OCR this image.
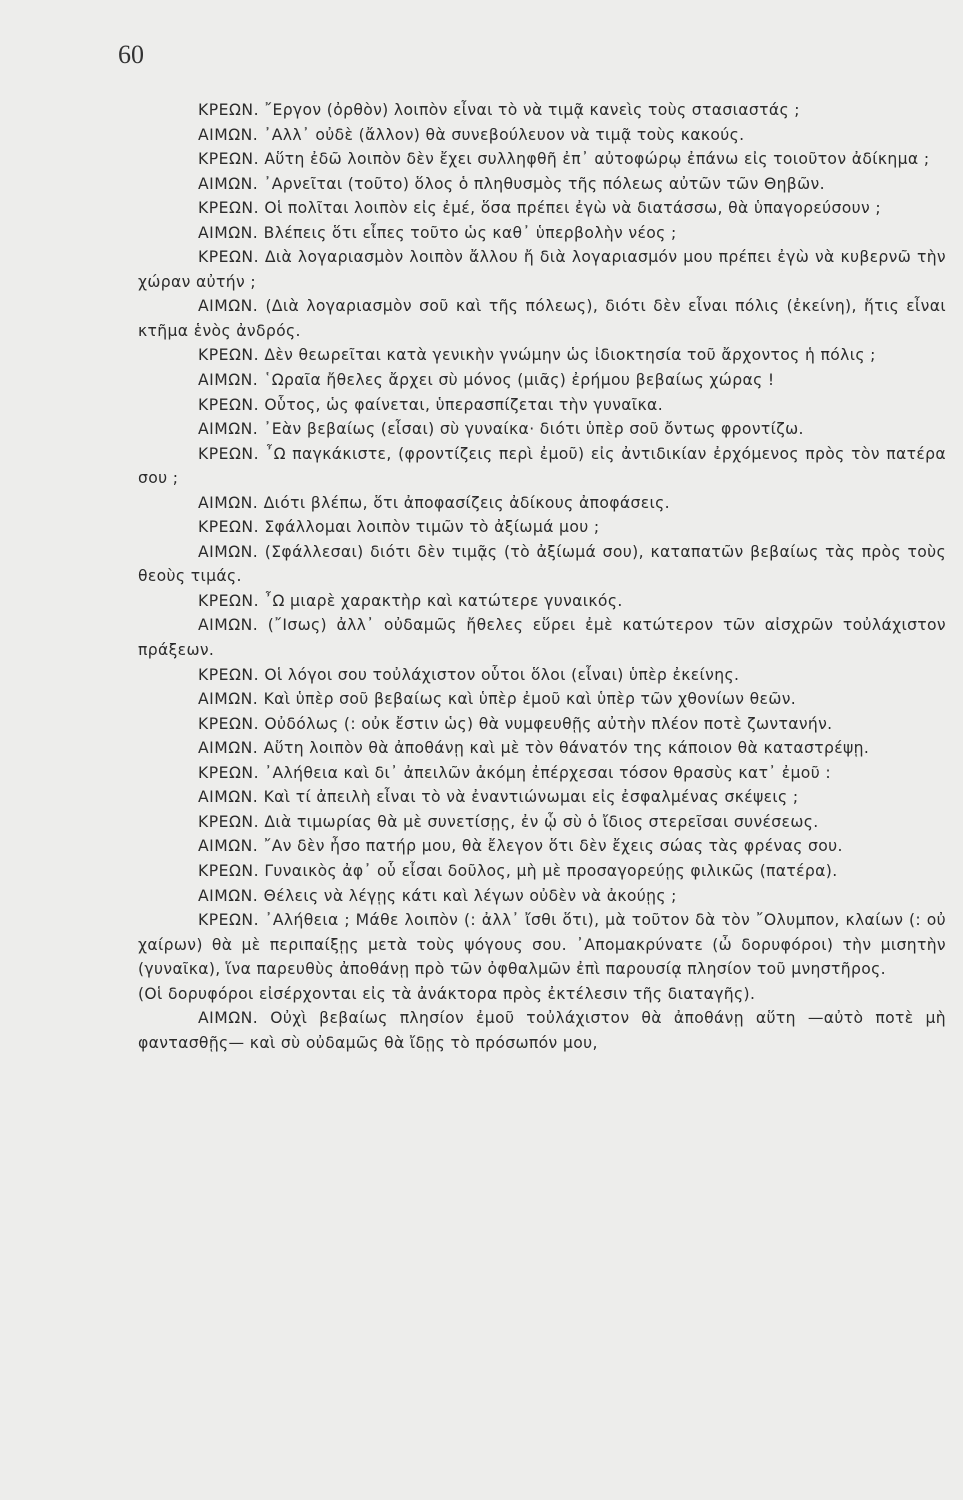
60

ΚΡΕΩΝ. ῎Εργον (ὀρθὸν) λοιπὸν εἶναι τὸ νὰ τιμᾷ κανεὶς τοὺς στασιαστάς ;

ΑΙΜΩΝ. ᾽Αλλ᾽ οὐδὲ (ἄλλον) θὰ συνεβούλευον νὰ τιμᾷ τοὺς κακούς.

ΚΡΕΩΝ. Αὕτη ἐδῶ λοιπὸν δὲν ἔχει συλληφθῆ ἐπ᾽ αὐτοφώρῳ ἐπάνω εἰς τοιοῦτον ἀδίκημα ;

ΑΙΜΩΝ. ᾽Αρνεῖται (τοῦτο) ὅλος ὁ πληθυσμὸς τῆς πόλεως αὐτῶν τῶν Θηβῶν.

ΚΡΕΩΝ. Οἱ πολῖται λοιπὸν εἰς ἐμέ, ὅσα πρέπει ἐγὼ νὰ διατάσσω, θὰ ὑπαγορεύσουν ;

ΑΙΜΩΝ. Βλέπεις ὅτι εἶπες τοῦτο ὡς καθ᾽ ὑπερβολὴν νέος ;

ΚΡΕΩΝ. Διὰ λογαριασμὸν λοιπὸν ἄλλου ἤ διὰ λογαριασμόν μου πρέπει ἐγὼ νὰ κυβερνῶ τὴν χώραν αὐτήν ;

ΑΙΜΩΝ. (Διὰ λογαριασμὸν σοῦ καὶ τῆς πόλεως), διότι δὲν εἶναι πόλις (ἐκείνη), ἥτις εἶναι κτῆμα ἑνὸς ἀνδρός.

ΚΡΕΩΝ. Δὲν θεωρεῖται κατὰ γενικὴν γνώμην ὡς ἰδιοκτησία τοῦ ἄρχοντος ἡ πόλις ;

ΑΙΜΩΝ. ῾Ωραῖα ἤθελες ἄρχει σὺ μόνος (μιᾶς) ἐρήμου βεβαίως χώρας !

ΚΡΕΩΝ. Οὗτος, ὡς φαίνεται, ὑπερασπίζεται τὴν γυναῖκα.

ΑΙΜΩΝ. ᾽Εὰν βεβαίως (εἶσαι) σὺ γυναίκα· διότι ὑπὲρ σοῦ ὄντως φροντίζω.

ΚΡΕΩΝ. ῏Ω παγκάκιστε, (φροντίζεις περὶ ἐμοῦ) εἰς ἀντιδικίαν ἐρχόμενος πρὸς τὸν πατέρα σου ;

ΑΙΜΩΝ. Διότι βλέπω, ὅτι ἀποφασίζεις ἀδίκους ἀποφάσεις.

ΚΡΕΩΝ. Σφάλλομαι λοιπὸν τιμῶν τὸ ἀξίωμά μου ;

ΑΙΜΩΝ. (Σφάλλεσαι) διότι δὲν τιμᾷς (τὸ ἀξίωμά σου), καταπατῶν βεβαίως τὰς πρὸς τοὺς θεοὺς τιμάς.

ΚΡΕΩΝ. ῏Ω μιαρὲ χαρακτὴρ καὶ κατώτερε γυναικός.

ΑΙΜΩΝ. (῎Ισως) ἀλλ᾽ οὐδαμῶς ἤθελες εὕρει ἐμὲ κατώτερον τῶν αἰσχρῶν τοὐλάχιστον πράξεων.

ΚΡΕΩΝ. Οἱ λόγοι σου τοὐλάχιστον οὗτοι ὅλοι (εἶναι) ὑπὲρ ἐκείνης.

ΑΙΜΩΝ. Καὶ ὑπὲρ σοῦ βεβαίως καὶ ὑπὲρ ἐμοῦ καὶ ὑπὲρ τῶν χθονίων θεῶν.

ΚΡΕΩΝ. Οὐδόλως (: οὐκ ἔστιν ὡς) θὰ νυμφευθῇς αὐτὴν πλέον ποτὲ ζωντανήν.

ΑΙΜΩΝ. Αὕτη λοιπὸν θὰ ἀποθάνῃ καὶ μὲ τὸν θάνατόν της κάποιον θὰ καταστρέψῃ.

ΚΡΕΩΝ. ᾽Αλήθεια καὶ δι᾽ ἀπειλῶν ἀκόμη ἐπέρχεσαι τόσον θρασὺς κατ᾽ ἐμοῦ :

ΑΙΜΩΝ. Καὶ τί ἀπειλὴ εἶναι τὸ νὰ ἐναντιώνωμαι εἰς ἐσφαλμένας σκέψεις ;

ΚΡΕΩΝ. Διὰ τιμωρίας θὰ μὲ συνετίσῃς, ἐν ᾧ σὺ ὁ ἴδιος στερεῖσαι συνέσεως.

ΑΙΜΩΝ. ῎Αν δὲν ἦσο πατήρ μου, θὰ ἔλεγον ὅτι δὲν ἔχεις σώας τὰς φρένας σου.

ΚΡΕΩΝ. Γυναικὸς ἀφ᾽ οὗ εἶσαι δοῦλος, μὴ μὲ προσαγορεύῃς φιλικῶς (πατέρα).

ΑΙΜΩΝ. Θέλεις νὰ λέγῃς κάτι καὶ λέγων οὐδὲν νὰ ἀκούῃς ;

ΚΡΕΩΝ. ᾽Αλήθεια ; Μάθε λοιπὸν (: ἀλλ᾽ ἴσθι ὅτι), μὰ τοῦτον δὰ τὸν ῎Ολυμπον, κλαίων (: οὐ χαίρων) θὰ μὲ περιπαίξῃς μετὰ τοὺς ψόγους σου. ᾽Απομακρύνατε (ὦ δορυφόροι) τὴν μισητὴν (γυναῖκα), ἵνα παρευθὺς ἀποθάνῃ πρὸ τῶν ὀφθαλμῶν ἐπὶ παρουσίᾳ πλησίον τοῦ μνηστῆρος.

(Οἱ δορυφόροι εἰσέρχονται εἰς τὰ ἀνάκτορα πρὸς ἐκτέλεσιν τῆς διαταγῆς).

ΑΙΜΩΝ. Οὐχὶ βεβαίως πλησίον ἐμοῦ τοὐλάχιστον θὰ ἀποθάνῃ αὕτη —αὐτὸ ποτὲ μὴ φαντασθῇς— καὶ σὺ οὐδαμῶς θὰ ἴδῃς τὸ πρόσωπόν μου,
